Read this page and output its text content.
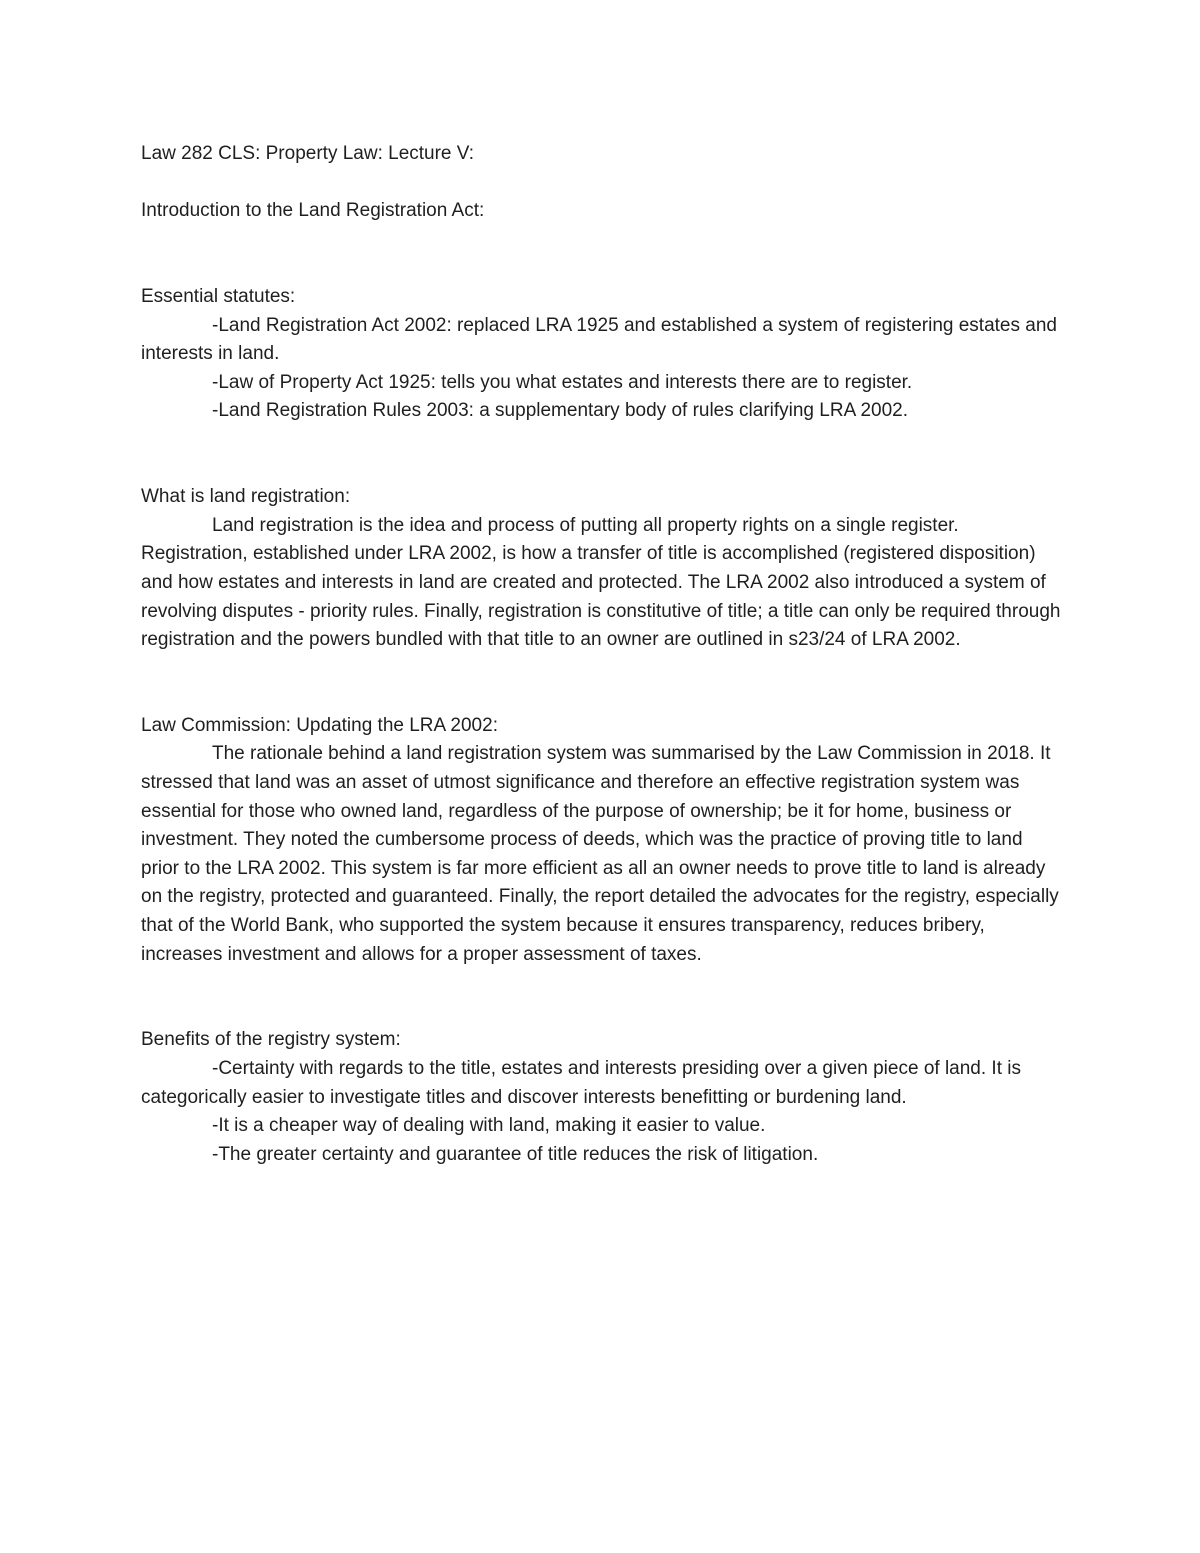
Law 282 CLS: Property Law: Lecture V:

Introduction to the Land Registration Act:

Essential statutes:

-Land Registration Act 2002: replaced LRA 1925 and established a system of registering estates and interests in land.

-Law of Property Act 1925: tells you what estates and interests there are to register.

-Land Registration Rules 2003: a supplementary body of rules clarifying LRA 2002.

What is land registration:

Land registration is the idea and process of putting all property rights on a single register. Registration, established under LRA 2002, is how a transfer of title is accomplished (registered disposition) and how estates and interests in land are created and protected. The LRA 2002 also introduced a system of revolving disputes - priority rules. Finally, registration is constitutive of title; a title can only be required through registration and the powers bundled with that title to an owner are outlined in s23/24 of LRA 2002.

Law Commission: Updating the LRA 2002:

The rationale behind a land registration system was summarised by the Law Commission in 2018. It stressed that land was an asset of utmost significance and therefore an effective registration system was essential for those who owned land, regardless of the purpose of ownership; be it for home, business or investment. They noted the cumbersome process of deeds, which was the practice of proving title to land prior to the LRA 2002. This system is far more efficient as all an owner needs to prove title to land is already on the registry, protected and guaranteed. Finally, the report detailed the advocates for the registry, especially that of the World Bank, who supported the system because it ensures transparency, reduces bribery, increases investment and allows for a proper assessment of taxes.

Benefits of the registry system:

-Certainty with regards to the title, estates and interests presiding over a given piece of land. It is categorically easier to investigate titles and discover interests benefitting or burdening land.

-It is a cheaper way of dealing with land, making it easier to value.

-The greater certainty and guarantee of title reduces the risk of litigation.
